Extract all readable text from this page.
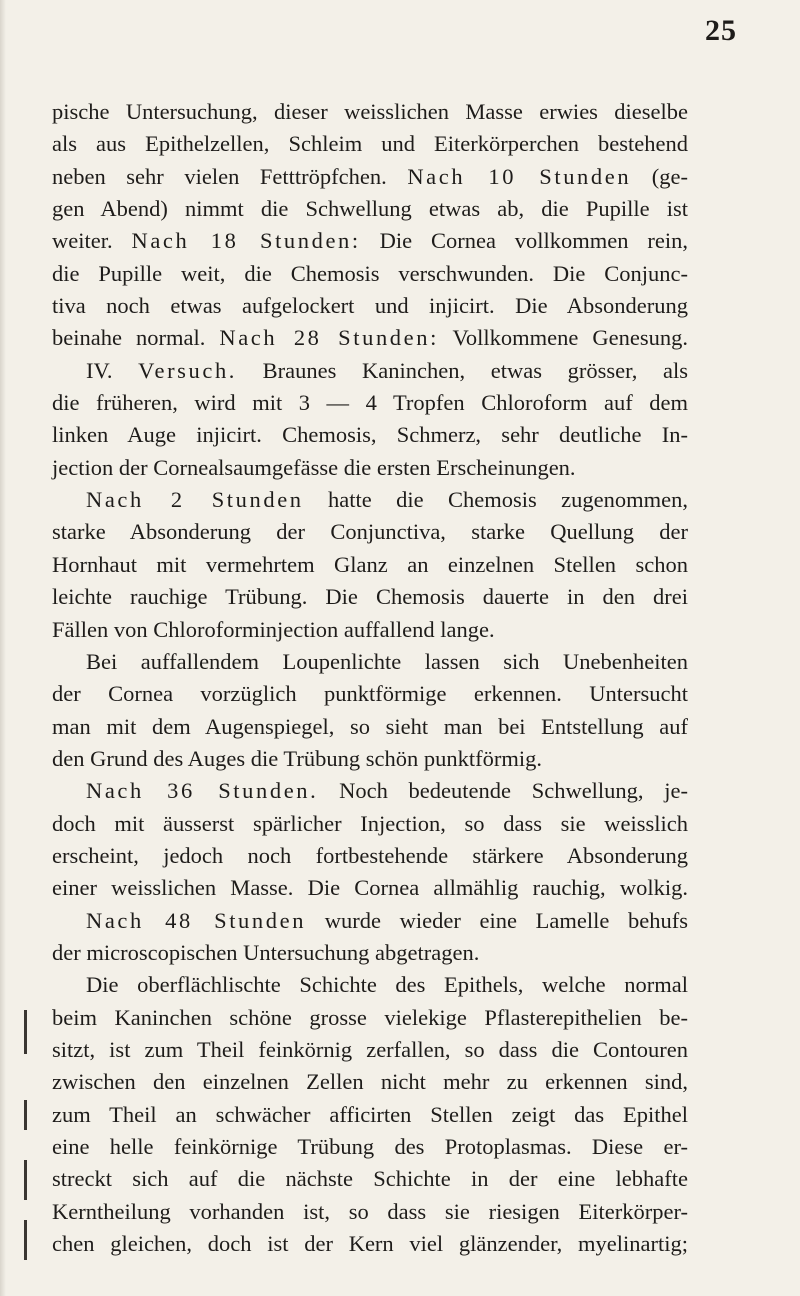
25
pische Untersuchung, dieser weisslichen Masse erwies dieselbe
als aus Epithelzellen, Schleim und Eiterkörperchen bestehend
neben sehr vielen Fetttröpfchen. Nach 10 Stunden (ge-
gen Abend) nimmt die Schwellung etwas ab, die Pupille ist
weiter. Nach 18 Stunden: Die Cornea vollkommen rein,
die Pupille weit, die Chemosis verschwunden. Die Conjunc-
tiva noch etwas aufgelockert und injicirt. Die Absonderung
beinahe normal. Nach 28 Stunden: Vollkommene Genesung.
IV. Versuch. Braunes Kaninchen, etwas grösser, als
die früheren, wird mit 3 — 4 Tropfen Chloroform auf dem
linken Auge injicirt. Chemosis, Schmerz, sehr deutliche In-
jection der Cornealsaumgefässe die ersten Erscheinungen.
Nach 2 Stunden hatte die Chemosis zugenommen,
starke Absonderung der Conjunctiva, starke Quellung der
Hornhaut mit vermehrtem Glanz an einzelnen Stellen schon
leichte rauchige Trübung. Die Chemosis dauerte in den drei
Fällen von Chloroforminjection auffallend lange.
Bei auffallendem Loupenlichte lassen sich Unebenheiten
der Cornea vorzüglich punktförmige erkennen. Untersucht
man mit dem Augenspiegel, so sieht man bei Entstellung auf
den Grund des Auges die Trübung schön punktförmig.
Nach 36 Stunden. Noch bedeutende Schwellung, je-
doch mit äusserst spärlicher Injection, so dass sie weisslich
erscheint, jedoch noch fortbestehende stärkere Absonderung
einer weisslichen Masse. Die Cornea allmählig rauchig, wolkig.
Nach 48 Stunden wurde wieder eine Lamelle behufs
der microscopischen Untersuchung abgetragen.
Die oberflächlischte Schichte des Epithels, welche normal
beim Kaninchen schöne grosse vielekige Pflasterepithelien be-
sitzt, ist zum Theil feinkörnig zerfallen, so dass die Contouren
zwischen den einzelnen Zellen nicht mehr zu erkennen sind,
zum Theil an schwächer afficirten Stellen zeigt das Epithel
eine helle feinkörnige Trübung des Protoplasmas. Diese er-
streckt sich auf die nächste Schichte in der eine lebhafte
Kerntheilung vorhanden ist, so dass sie riesigen Eiterkörper-
chen gleichen, doch ist der Kern viel glänzender, myelinartig;
